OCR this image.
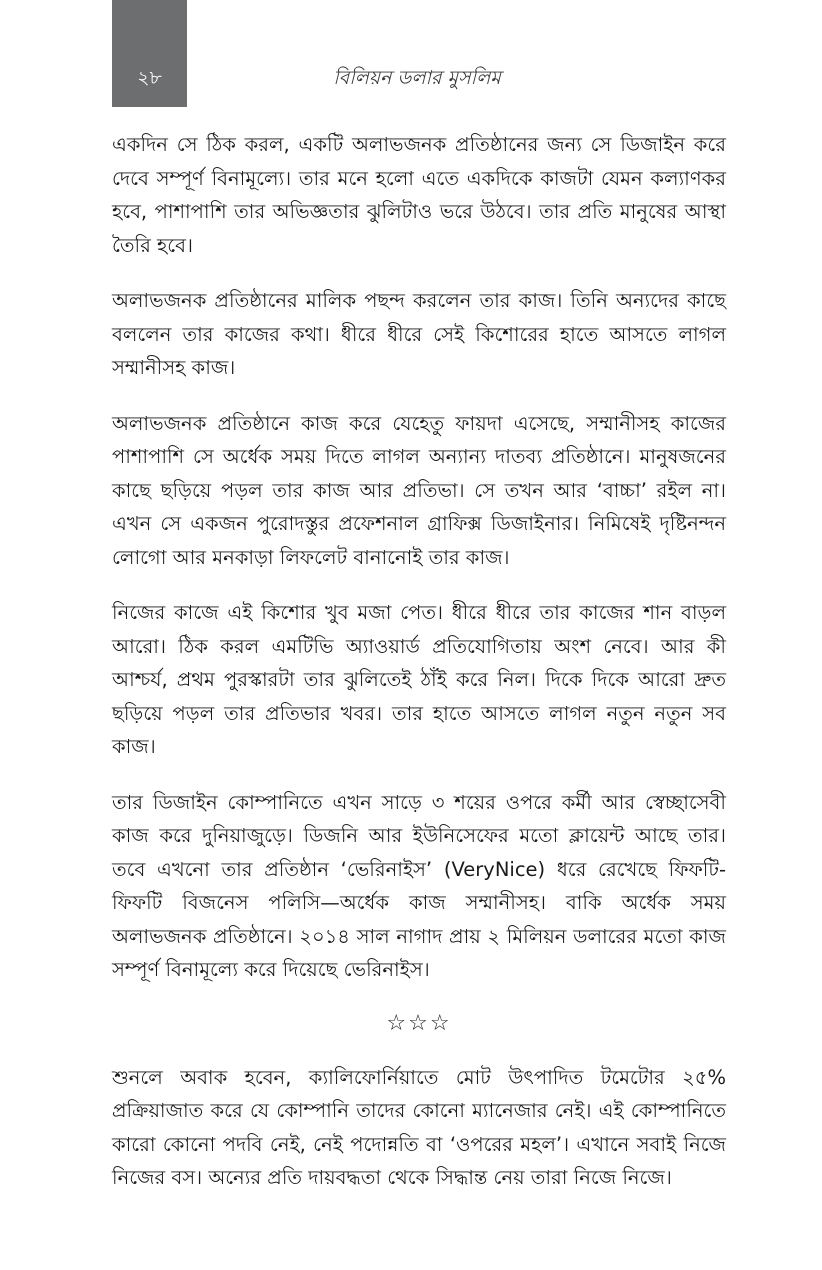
২৮	বিলিয়ন ডলার মুসলিম

একদিন সে ঠিক করল, একটি অলাভজনক প্রতিষ্ঠানের জন্য সে ডিজাইন করে দেবে সম্পূর্ণ বিনামূল্যে। তার মনে হলো এতে একদিকে কাজটা যেমন কল্যাণকর হবে, পাশাপাশি তার অভিজ্ঞতার ঝুলিটাও ভরে উঠবে। তার প্রতি মানুষের আস্থা তৈরি হবে।

অলাভজনক প্রতিষ্ঠানের মালিক পছন্দ করলেন তার কাজ। তিনি অন্যদের কাছে বললেন তার কাজের কথা। ধীরে ধীরে সেই কিশোরের হাতে আসতে লাগল সম্মানীসহ কাজ।

অলাভজনক প্রতিষ্ঠানে কাজ করে যেহেতু ফায়দা এসেছে, সম্মানীসহ কাজের পাশাপাশি সে অর্ধেক সময় দিতে লাগল অন্যান্য দাতব্য প্রতিষ্ঠানে। মানুষজনের কাছে ছড়িয়ে পড়ল তার কাজ আর প্রতিভা। সে তখন আর ‘বাচ্চা’ রইল না। এখন সে একজন পুরোদস্তুর প্রফেশনাল গ্রাফিক্স ডিজাইনার। নিমিষেই দৃষ্টিনন্দন লোগো আর মনকাড়া লিফলেট বানানোই তার কাজ।

নিজের কাজে এই কিশোর খুব মজা পেত। ধীরে ধীরে তার কাজের শান বাড়ল আরো। ঠিক করল এমটিভি অ্যাওয়ার্ড প্রতিযোগিতায় অংশ নেবে। আর কী আশ্চর্য, প্রথম পুরস্কারটা তার ঝুলিতেই ঠাঁই করে নিল। দিকে দিকে আরো দ্রুত ছড়িয়ে পড়ল তার প্রতিভার খবর। তার হাতে আসতে লাগল নতুন নতুন সব কাজ।

তার ডিজাইন কোম্পানিতে এখন সাড়ে ৩ শয়ের ওপরে কর্মী আর স্বেচ্ছাসেবী কাজ করে দুনিয়াজুড়ে। ডিজনি আর ইউনিসেফের মতো ক্লায়েন্ট আছে তার। তবে এখনো তার প্রতিষ্ঠান ‘ভেরিনাইস’ (VeryNice) ধরে রেখেছে ফিফটি-ফিফটি বিজনেস পলিসি—অর্ধেক কাজ সম্মানীসহ। বাকি অর্ধেক সময় অলাভজনক প্রতিষ্ঠানে। ২০১৪ সাল নাগাদ প্রায় ২ মিলিয়ন ডলারের মতো কাজ সম্পূর্ণ বিনামূল্যে করে দিয়েছে ভেরিনাইস।

☆☆☆

শুনলে অবাক হবেন, ক্যালিফোর্নিয়াতে মোট উৎপাদিত টমেটোর ২৫% প্রক্রিয়াজাত করে যে কোম্পানি তাদের কোনো ম্যানেজার নেই। এই কোম্পানিতে কারো কোনো পদবি নেই, নেই পদোন্নতি বা ‘ওপরের মহল’। এখানে সবাই নিজে নিজের বস। অন্যের প্রতি দায়বদ্ধতা থেকে সিদ্ধান্ত নেয় তারা নিজে নিজে।
